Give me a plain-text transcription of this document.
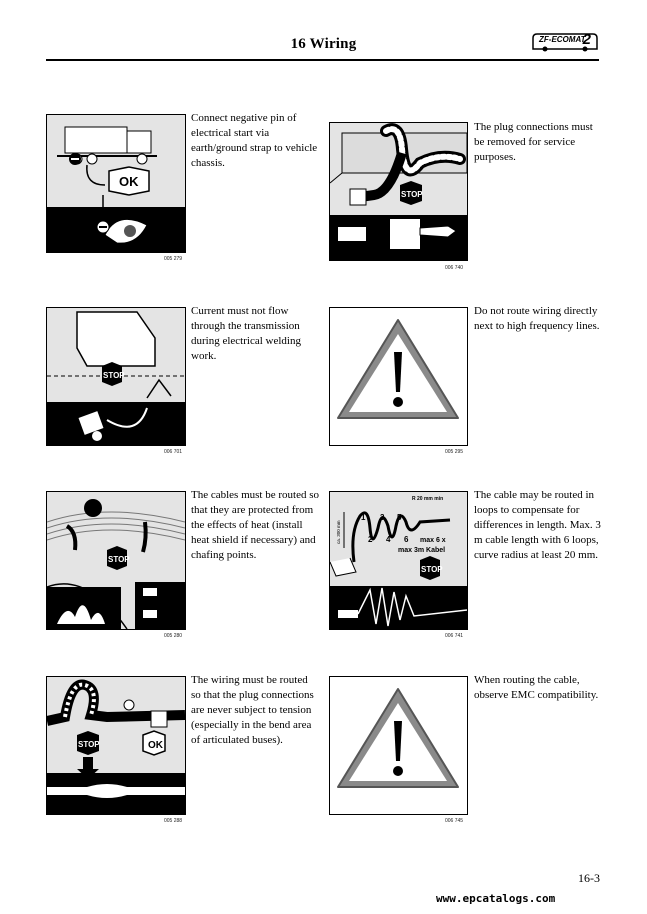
16 Wiring	ZF-ECOMAT
2
OK
005 279
Connect negative pin of electrical start via earth/ground strap to vehicle chassis.
STOP
006 740
The plug connections must be removed for service purposes.
STOP
006 701
Current must not flow through the transmission during electrical welding work.
005 295
Do not route wiring directly next to high frequency lines.
STOP
005 280
The cables must be routed so that they are protected from the effects of heat (install heat shield if necessary) and chafing points.
R 20 mm min
ca. 300 mm
1
2
3
4
5
6 max 6 x
max 3m Kabel
STOP
006 741
The cable may be routed in loops to compensate for differences in length. Max. 3 m cable length with 6 loops, curve radius at least 20 mm.
STOP	OK
005 288
The wiring must be routed so that the plug connections are never subject to tension (especially in the bend area of articulated buses).
006 745
When routing the cable, observe EMC compatibility.
16-3
www.epcatalogs.com
